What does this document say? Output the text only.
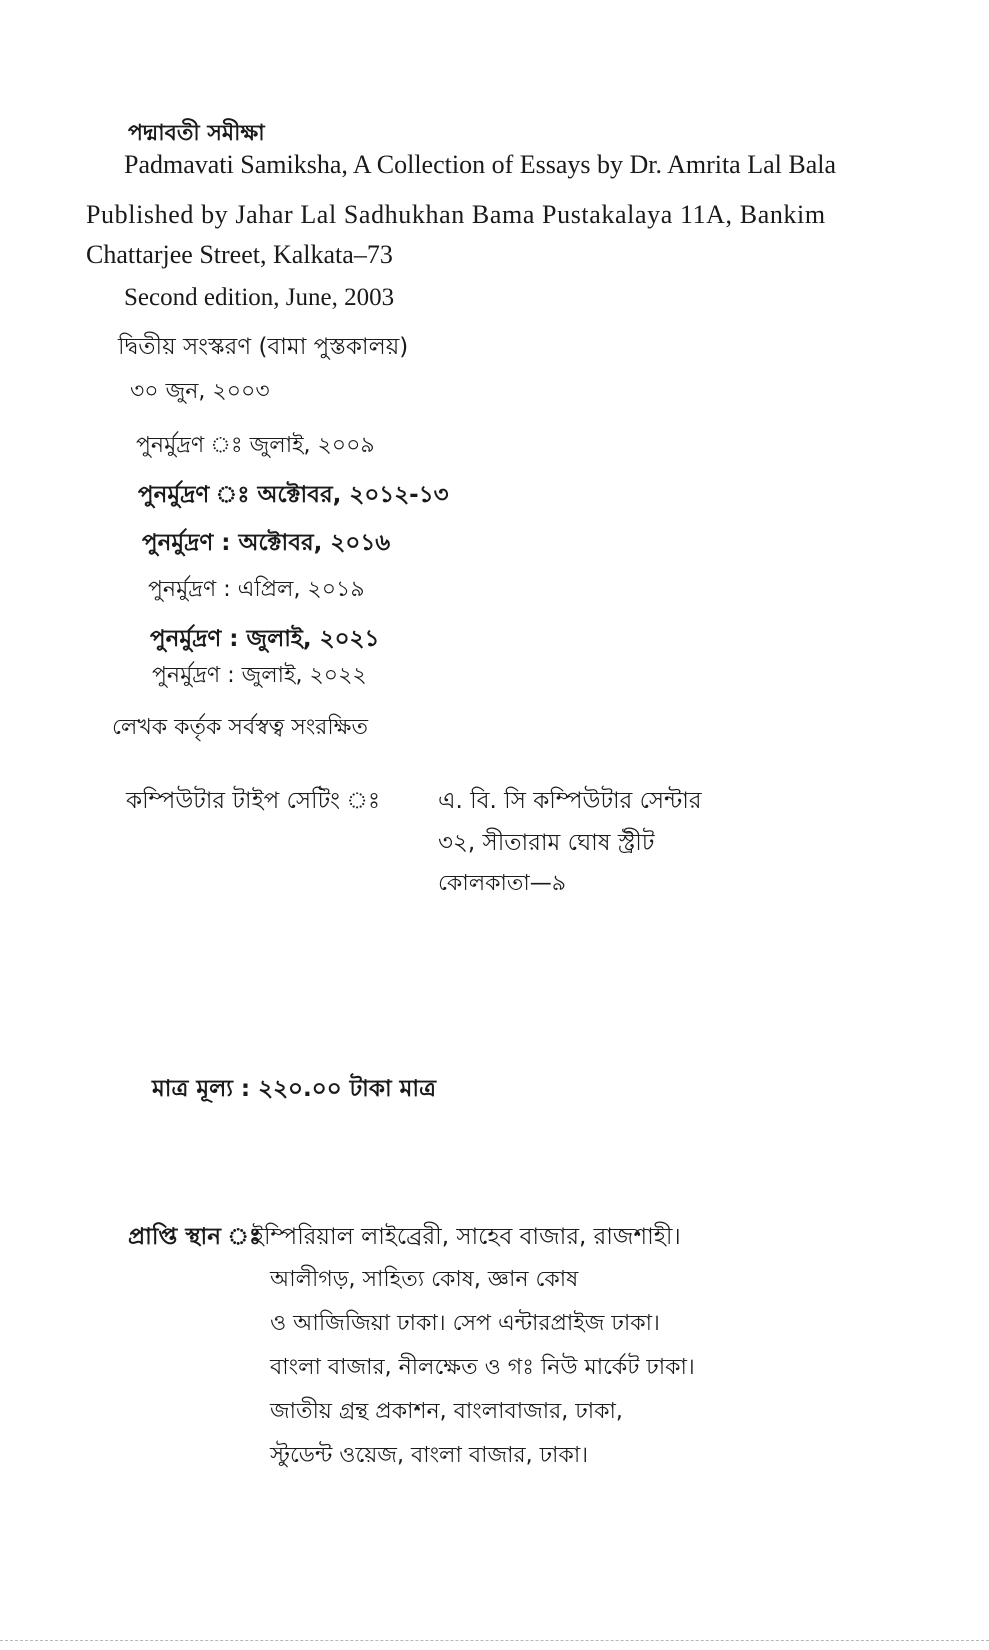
পদ্মাবতী সমীক্ষা
Padmavati Samiksha, A Collection of Essays by Dr. Amrita Lal Bala
Published by Jahar Lal Sadhukhan Bama Pustakalaya 11A, Bankim
Chattarjee Street, Kalkata–73
Second edition, June, 2003
দ্বিতীয় সংস্করণ (বামা পুস্তকালয়)
৩০ জুন, ২০০৩
পুনর্মুদ্রণ ঃ জুলাই, ২০০৯
পুনর্মুদ্রণ ঃ অক্টোবর, ২০১২-১৩
পুনর্মুদ্রণ : অক্টোবর, ২০১৬
পুনর্মুদ্রণ : এপ্রিল, ২০১৯
পুনর্মুদ্রণ : জুলাই, ২০২১
পুনর্মুদ্রণ : জুলাই, ২০২২
লেখক কর্তৃক সর্বস্বত্ব সংরক্ষিত
কম্পিউটার টাইপ সেটিং ঃ	এ. বি. সি কম্পিউটার সেন্টার
৩২, সীতারাম ঘোষ স্ট্রীট
কোলকাতা—৯
মাত্র মূল্য : ২২০.০০ টাকা মাত্র
প্রাপ্তি স্থান ঃ
ইম্পিরিয়াল লাইব্রেরী, সাহেব বাজার, রাজশাহী।
আলীগড়, সাহিত্য কোষ, জ্ঞান কোষ
ও আজিজিয়া ঢাকা। সেপ এন্টারপ্রাইজ ঢাকা।
বাংলা বাজার, নীলক্ষেত ও গঃ নিউ মার্কেট ঢাকা।
জাতীয় গ্রন্থ প্রকাশন, বাংলাবাজার, ঢাকা,
স্টুডেন্ট ওয়েজ, বাংলা বাজার, ঢাকা।
